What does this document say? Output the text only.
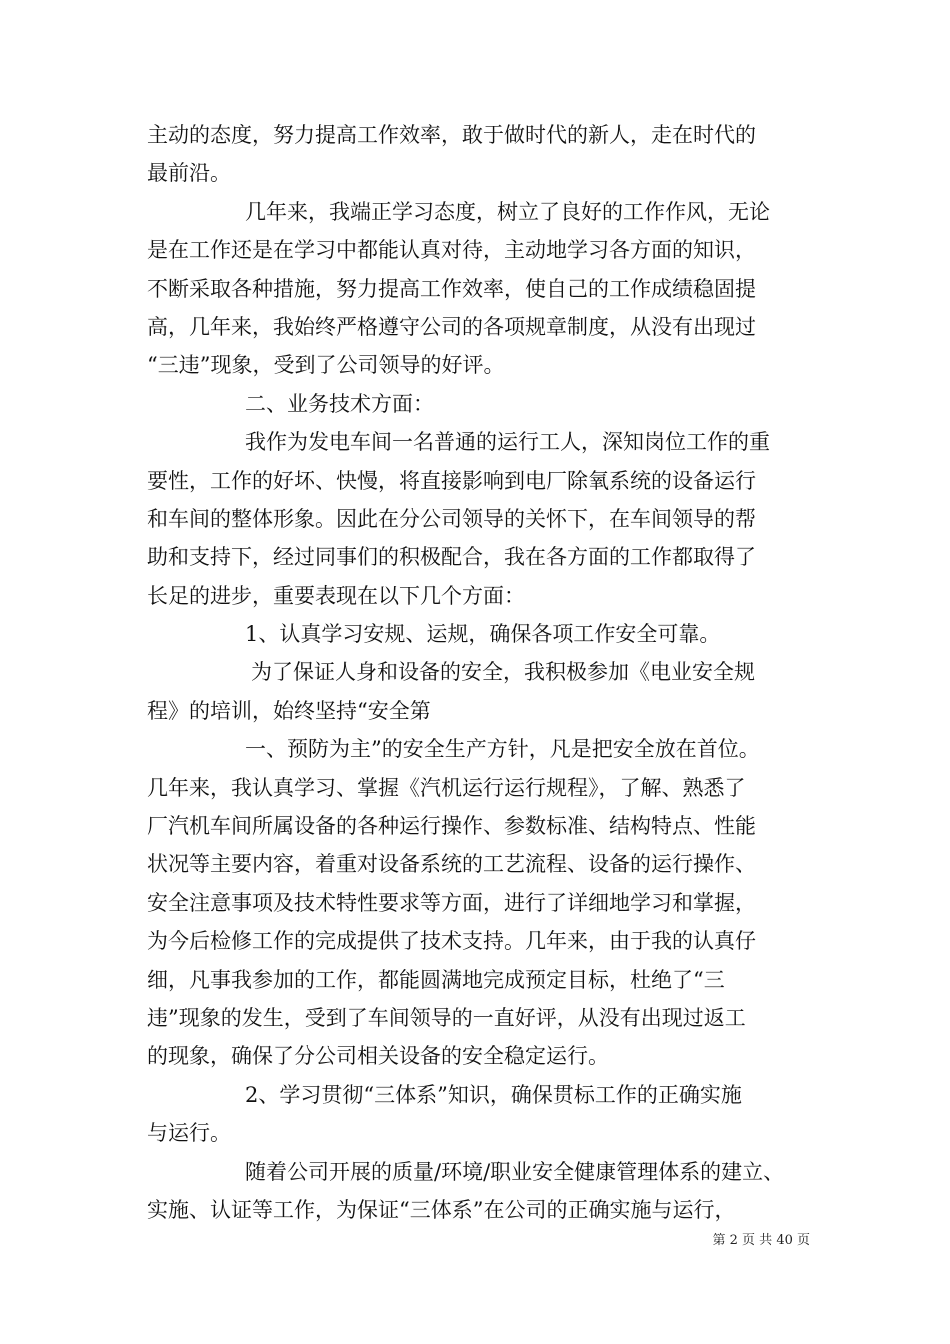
主动的态度，努力提高工作效率，敢于做时代的新人，走在时代的
最前沿。
几年来，我端正学习态度，树立了良好的工作作风，无论
是在工作还是在学习中都能认真对待，主动地学习各方面的知识，
不断采取各种措施，努力提高工作效率，使自己的工作成绩稳固提
高，几年来，我始终严格遵守公司的各项规章制度，从没有出现过
“三违”现象，受到了公司领导的好评。
二、业务技术方面：
我作为发电车间一名普通的运行工人，深知岗位工作的重
要性，工作的好坏、快慢，将直接影响到电厂除氧系统的设备运行
和车间的整体形象。因此在分公司领导的关怀下，在车间领导的帮
助和支持下，经过同事们的积极配合，我在各方面的工作都取得了
长足的进步，重要表现在以下几个方面：
1、认真学习安规、运规，确保各项工作安全可靠。
为了保证人身和设备的安全，我积极参加《电业安全规
程》的培训，始终坚持“安全第
一、预防为主”的安全生产方针，凡是把安全放在首位。
几年来，我认真学习、掌握《汽机运行运行规程》，了解、熟悉了
厂汽机车间所属设备的各种运行操作、参数标准、结构特点、性能
状况等主要内容，着重对设备系统的工艺流程、设备的运行操作、
安全注意事项及技术特性要求等方面，进行了详细地学习和掌握，
为今后检修工作的完成提供了技术支持。几年来，由于我的认真仔
细，凡事我参加的工作，都能圆满地完成预定目标，杜绝了“三
违”现象的发生，受到了车间领导的一直好评，从没有出现过返工
的现象，确保了分公司相关设备的安全稳定运行。
2、学习贯彻“三体系”知识，确保贯标工作的正确实施
与运行。
随着公司开展的质量/环境/职业安全健康管理体系的建立、
实施、认证等工作，为保证“三体系”在公司的正确实施与运行，
第 2 页 共 40 页
